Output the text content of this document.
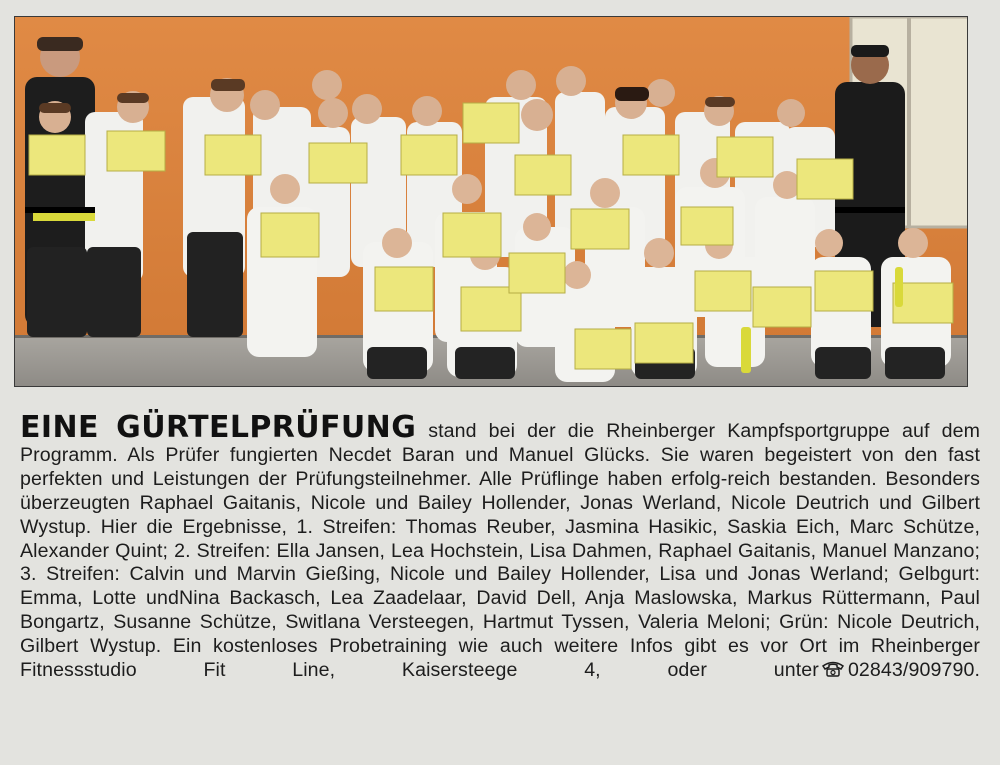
EINE GÜRTELPRÜFUNG stand bei der die Rheinberger Kampfsportgruppe auf dem Programm. Als Prüfer fungierten Necdet Baran und Manuel Glücks. Sie waren begeistert von den fast perfekten und Leistungen der Prüfungsteilnehmer. Alle Prüflinge haben erfolg-reich bestanden. Besonders überzeugten Raphael Gaitanis, Nicole und Bailey Hollender, Jonas Werland, Nicole Deutrich und Gilbert Wystup. Hier die Ergebnisse, 1. Streifen: Thomas Reuber, Jasmina Hasikic, Saskia Eich, Marc Schütze, Alexander Quint; 2. Streifen: Ella Jansen, Lea Hochstein, Lisa Dahmen, Raphael Gaitanis, Manuel Manzano; 3. Streifen: Calvin und Marvin Gießing, Nicole und Bailey Hollender, Lisa und Jonas Werland; Gelbgurt: Emma, Lotte undNina Backasch, Lea Zaadelaar, David Dell, Anja Maslowska, Markus Rüttermann, Paul Bongartz, Susanne Schütze, Switlana Versteegen, Hartmut Tyssen, Valeria Meloni; Grün: Nicole Deutrich, Gilbert Wystup. Ein kostenloses Probetraining wie auch weitere Infos gibt es vor Ort im Rheinberger Fitnessstudio Fit Line, Kaisersteege 4, oder unter 02843/909790.
